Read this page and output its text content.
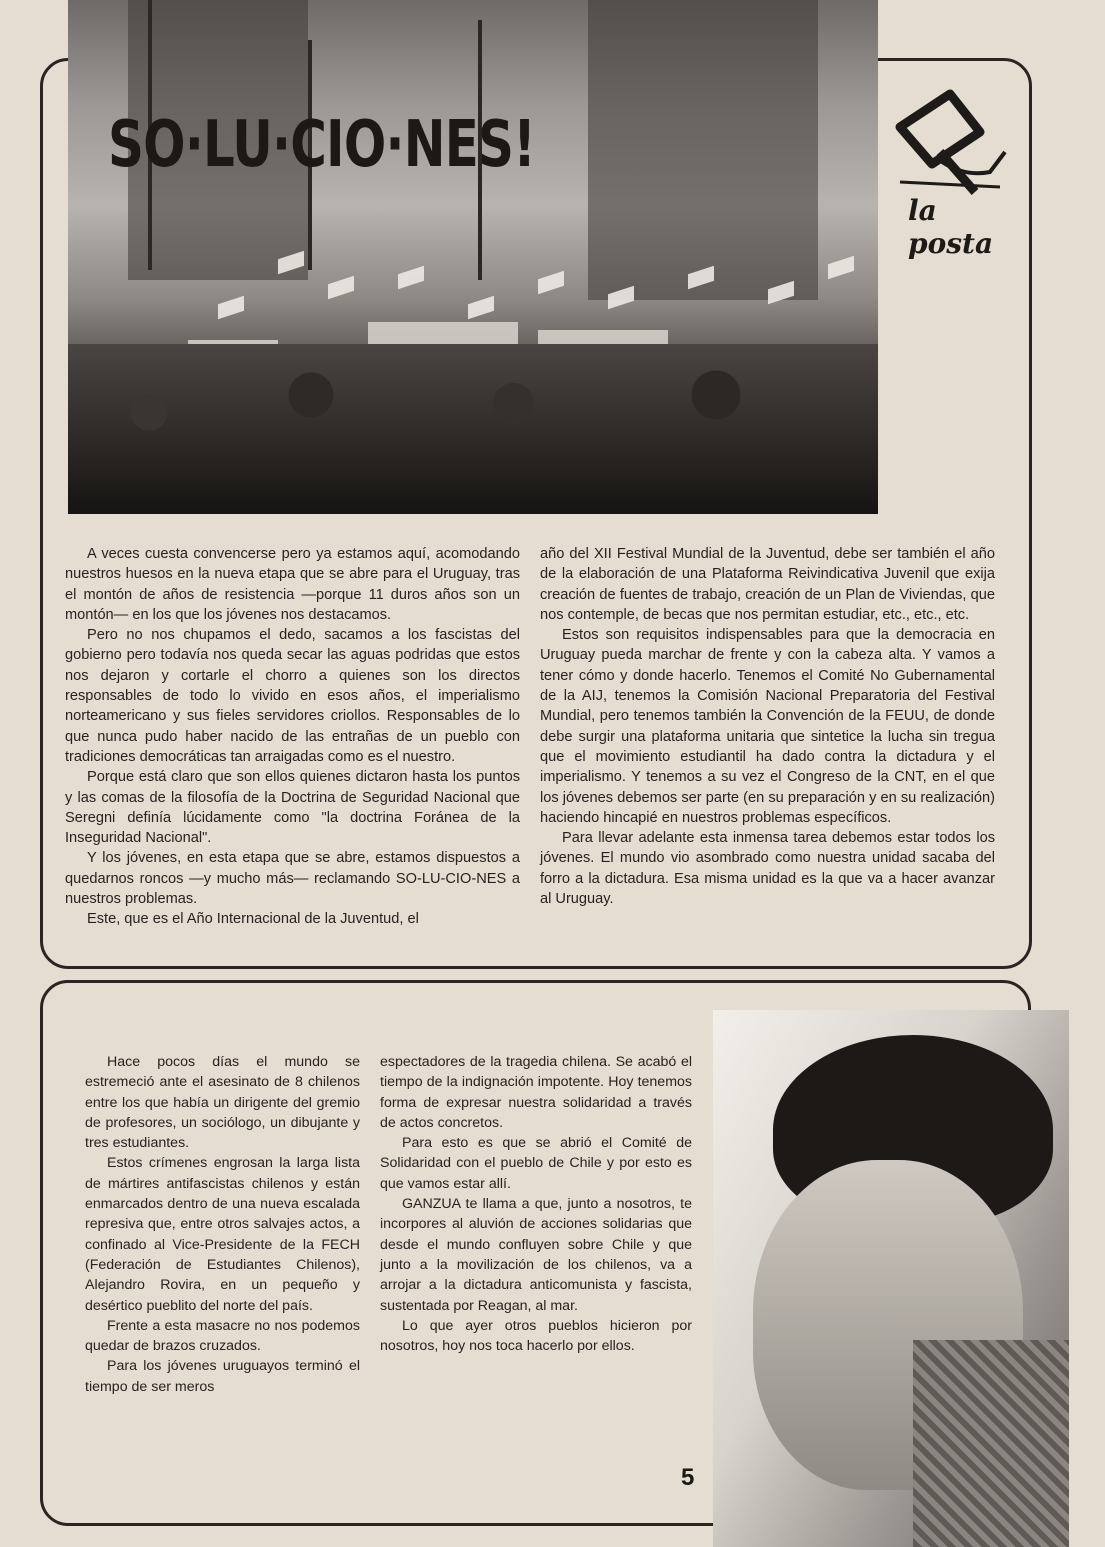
SO·LU·CIO·NES!
la posta

A veces cuesta convencerse pero ya estamos aquí, acomodando nuestros huesos en la nueva etapa que se abre para el Uruguay, tras el montón de años de resistencia —porque 11 duros años son un montón— en los que los jóvenes nos destacamos.

Pero no nos chupamos el dedo, sacamos a los fascistas del gobierno pero todavía nos queda secar las aguas podridas que estos nos dejaron y cortarle el chorro a quienes son los directos responsables de todo lo vivido en esos años, el imperialismo norteamericano y sus fieles servidores criollos. Responsables de lo que nunca pudo haber nacido de las entrañas de un pueblo con tradiciones democráticas tan arraigadas como es el nuestro.

Porque está claro que son ellos quienes dictaron hasta los puntos y las comas de la filosofía de la Doctrina de Seguridad Nacional que Seregni definía lúcidamente como "la doctrina Foránea de la Inseguridad Nacional".

Y los jóvenes, en esta etapa que se abre, estamos dispuestos a quedarnos roncos —y mucho más— reclamando SO-LU-CIO-NES a nuestros problemas.

Este, que es el Año Internacional de la Juventud, el

año del XII Festival Mundial de la Juventud, debe ser también el año de la elaboración de una Plataforma Reivindicativa Juvenil que exija creación de fuentes de trabajo, creación de un Plan de Viviendas, que nos contemple, de becas que nos permitan estudiar, etc., etc., etc.

Estos son requisitos indispensables para que la democracia en Uruguay pueda marchar de frente y con la cabeza alta. Y vamos a tener cómo y donde hacerlo. Tenemos el Comité No Gubernamental de la AIJ, tenemos la Comisión Nacional Preparatoria del Festival Mundial, pero tenemos también la Convención de la FEUU, de donde debe surgir una plataforma unitaria que sintetice la lucha sin tregua que el movimiento estudiantil ha dado contra la dictadura y el imperialismo. Y tenemos a su vez el Congreso de la CNT, en el que los jóvenes debemos ser parte (en su preparación y en su realización) haciendo hincapié en nuestros problemas específicos.

Para llevar adelante esta inmensa tarea debemos estar todos los jóvenes. El mundo vio asombrado como nuestra unidad sacaba del forro a la dictadura. Esa misma unidad es la que va a hacer avanzar al Uruguay.

Hace pocos días el mundo se estremeció ante el asesinato de 8 chilenos entre los que había un dirigente del gremio de profesores, un sociólogo, un dibujante y tres estudiantes.

Estos crímenes engrosan la larga lista de mártires antifascistas chilenos y están enmarcados dentro de una nueva escalada represiva que, entre otros salvajes actos, a confinado al Vice-Presidente de la FECH (Federación de Estudiantes Chilenos), Alejandro Rovira, en un pequeño y desértico pueblito del norte del país.

Frente a esta masacre no nos podemos quedar de brazos cruzados.

Para los jóvenes uruguayos terminó el tiempo de ser meros

espectadores de la tragedia chilena. Se acabó el tiempo de la indignación impotente. Hoy tenemos forma de expresar nuestra solidaridad a través de actos concretos.

Para esto es que se abrió el Comité de Solidaridad con el pueblo de Chile y por esto es que vamos estar allí.

GANZUA te llama a que, junto a nosotros, te incorpores al aluvión de acciones solidarias que desde el mundo confluyen sobre Chile y que junto a la movilización de los chilenos, va a arrojar a la dictadura anticomunista y fascista, sustentada por Reagan, al mar.

Lo que ayer otros pueblos hicieron por nosotros, hoy nos toca hacerlo por ellos.

5
